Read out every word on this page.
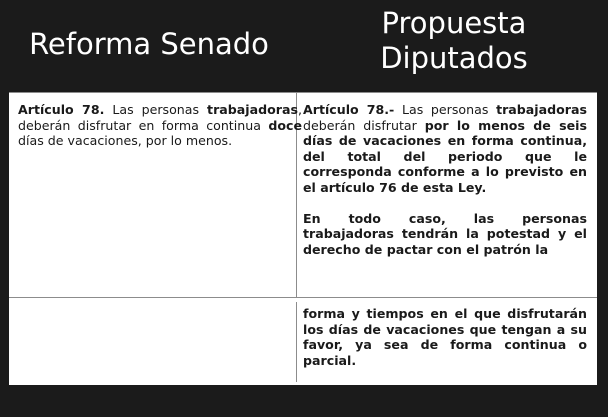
Reforma Senado
Propuesta
Diputados

Artículo 78. Las personas trabajadoras, deberán disfrutar en forma continua doce días de vacaciones, por lo menos.

Artículo 78.- Las personas trabajadoras deberán disfrutar por lo menos de seis días de vacaciones en forma continua, del total del periodo que le corresponda conforme a lo previsto en el artículo 76 de esta Ley.

En todo caso, las personas trabajadoras tendrán la potestad y el derecho de pactar con el patrón la

forma y tiempos en el que disfrutarán los días de vacaciones que tengan a su favor, ya sea de forma continua o parcial.
